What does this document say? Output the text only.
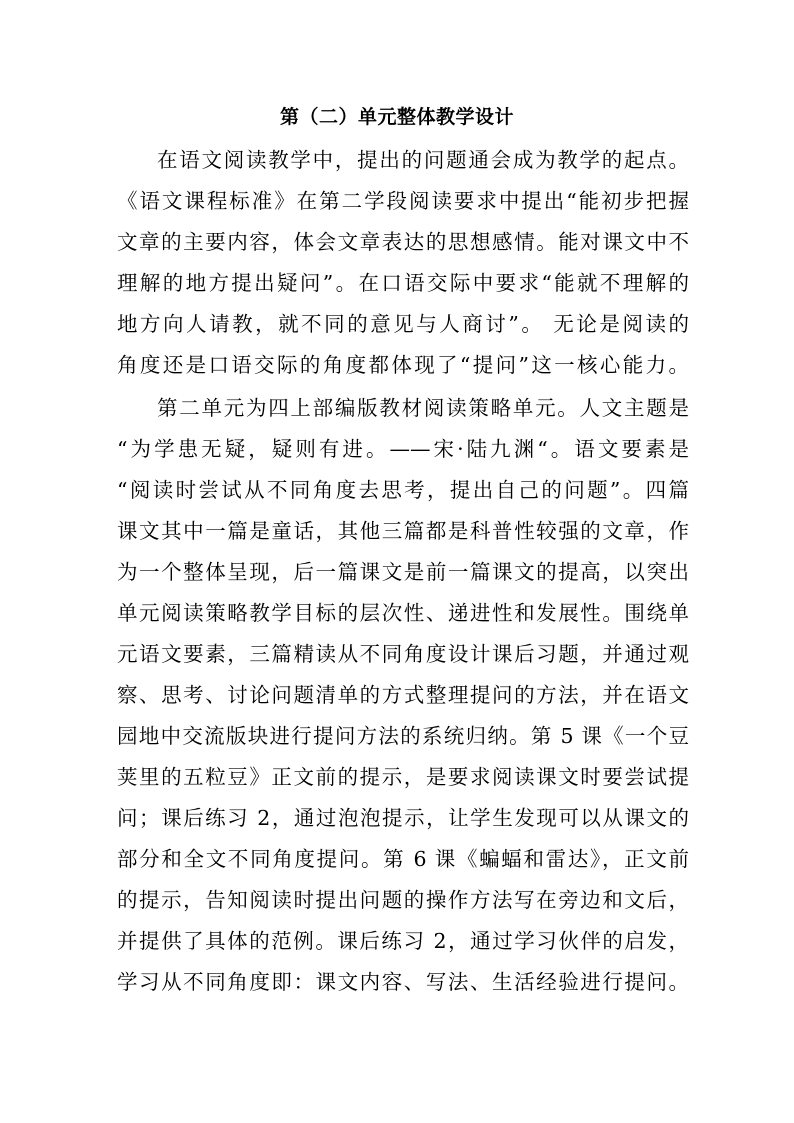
第（二）单元整体教学设计

在语文阅读教学中，提出的问题通会成为教学的起点。

《语文课程标准》在第二学段阅读要求中提出“能初步把握

文章的主要内容，体会文章表达的思想感情。能对课文中不

理解的地方提出疑问”。在口语交际中要求“能就不理解的

地方向人请教，就不同的意见与人商讨”。 无论是阅读的

角度还是口语交际的角度都体现了“提问”这一核心能力。

第二单元为四上部编版教材阅读策略单元。人文主题是

“为学患无疑，疑则有进。——宋·陆九渊“。语文要素是

“阅读时尝试从不同角度去思考，提出自己的问题”。四篇

课文其中一篇是童话，其他三篇都是科普性较强的文章，作

为一个整体呈现，后一篇课文是前一篇课文的提高，以突出

单元阅读策略教学目标的层次性、递进性和发展性。围绕单

元语文要素，三篇精读从不同角度设计课后习题，并通过观

察、思考、讨论问题清单的方式整理提问的方法，并在语文

园地中交流版块进行提问方法的系统归纳。第 5 课《一个豆

荚里的五粒豆》正文前的提示，是要求阅读课文时要尝试提

问；课后练习 2，通过泡泡提示，让学生发现可以从课文的

部分和全文不同角度提问。第 6 课《蝙蝠和雷达》，正文前

的提示，告知阅读时提出问题的操作方法写在旁边和文后，

并提供了具体的范例。课后练习 2，通过学习伙伴的启发，

学习从不同角度即：课文内容、写法、生活经验进行提问。
